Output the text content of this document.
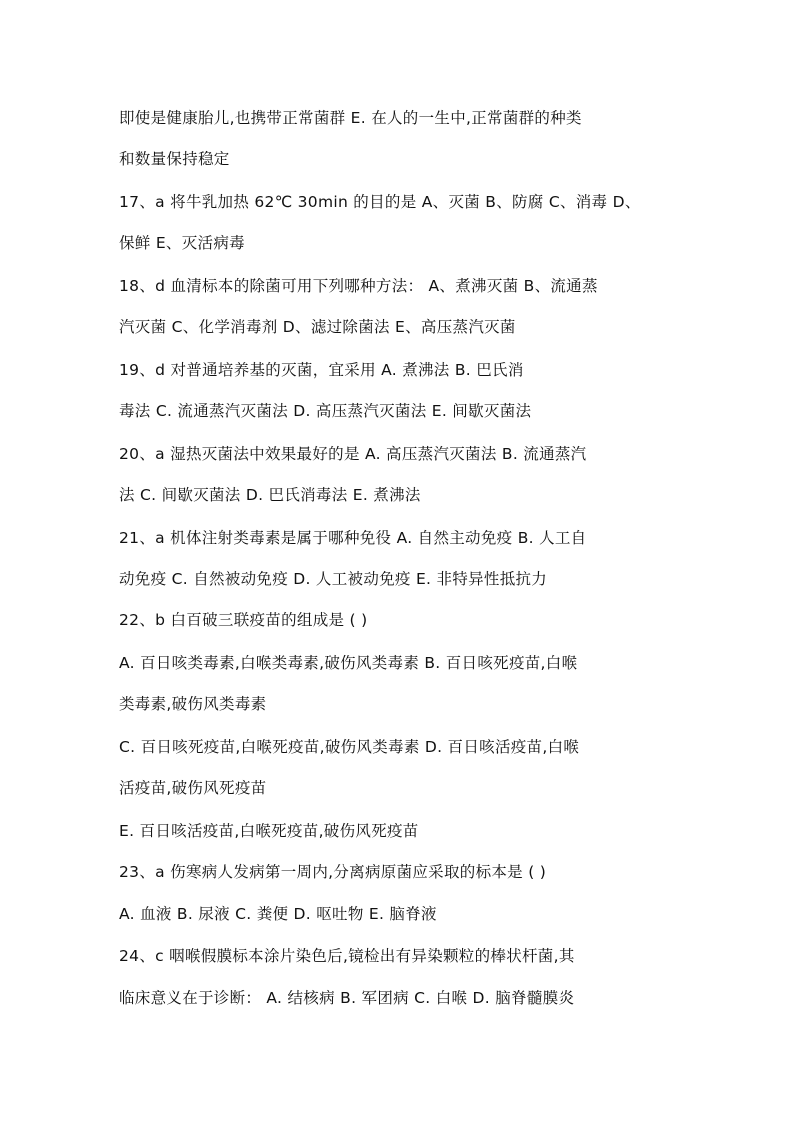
即使是健康胎儿,也携带正常菌群 E. 在人的一生中,正常菌群的种类
和数量保持稳定
17、a 将牛乳加热 62℃ 30min 的目的是 A、灭菌 B、防腐 C、消毒 D、
保鲜 E、灭活病毒
18、d 血清标本的除菌可用下列哪种方法： A、煮沸灭菌 B、流通蒸
汽灭菌 C、化学消毒剂 D、滤过除菌法 E、高压蒸汽灭菌
19、d 对普通培养基的灭菌，宜采用 A. 煮沸法 B. 巴氏消
毒法 C. 流通蒸汽灭菌法 D. 高压蒸汽灭菌法 E. 间歇灭菌法
20、a 湿热灭菌法中效果最好的是 A. 高压蒸汽灭菌法 B. 流通蒸汽
法 C. 间歇灭菌法 D. 巴氏消毒法 E. 煮沸法
21、a 机体注射类毒素是属于哪种免役 A. 自然主动免疫 B. 人工自
动免疫 C. 自然被动免疫 D. 人工被动免疫 E. 非特异性抵抗力
22、b 白百破三联疫苗的组成是 ( )
A. 百日咳类毒素,白喉类毒素,破伤风类毒素 B. 百日咳死疫苗,白喉
类毒素,破伤风类毒素
C. 百日咳死疫苗,白喉死疫苗,破伤风类毒素 D. 百日咳活疫苗,白喉
活疫苗,破伤风死疫苗
E. 百日咳活疫苗,白喉死疫苗,破伤风死疫苗
23、a 伤寒病人发病第一周内,分离病原菌应采取的标本是 ( )
A. 血液 B. 尿液 C. 粪便 D. 呕吐物 E. 脑脊液
24、c 咽喉假膜标本涂片染色后,镜检出有异染颗粒的棒状杆菌,其
临床意义在于诊断： A. 结核病 B. 军团病 C. 白喉 D. 脑脊髓膜炎
